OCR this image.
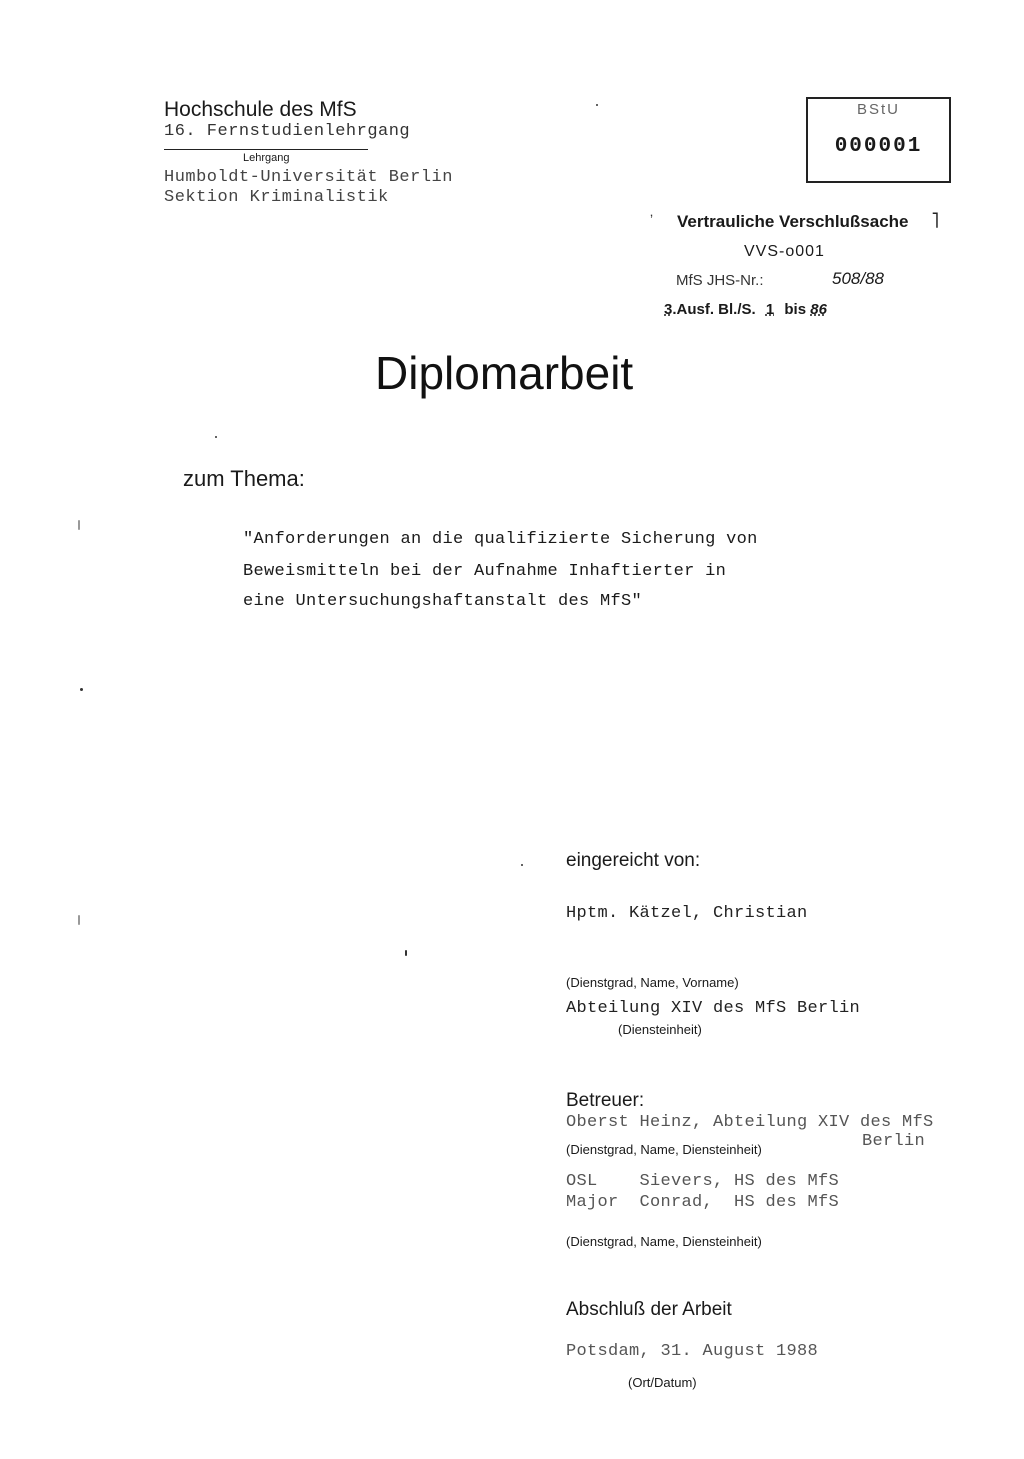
Hochschule des MfS
16. Fernstudienlehrgang
Lehrgang
Humboldt-Universität Berlin
Sektion Kriminalistik
BStU
000001
ʼ	˥
Vertrauliche Verschlußsache
VVS-o001
MfS JHS-Nr.:	508/88
3.Ausf. Bl./S. 1 bis 86
Diplomarbeit
zum Thema:
"Anforderungen an die qualifizierte Sicherung von
Beweismitteln bei der Aufnahme Inhaftierter in
eine Untersuchungshaftanstalt des MfS"
eingereicht von:
Hptm. Kätzel, Christian
(Dienstgrad, Name, Vorname)
Abteilung XIV des MfS Berlin
(Diensteinheit)
Betreuer:
Oberst Heinz, Abteilung XIV des MfS
Berlin
(Dienstgrad, Name, Diensteinheit)
OSL    Sievers, HS des MfS
Major  Conrad,  HS des MfS
(Dienstgrad, Name, Diensteinheit)
Abschluß der Arbeit
Potsdam, 31. August 1988
(Ort/Datum)
